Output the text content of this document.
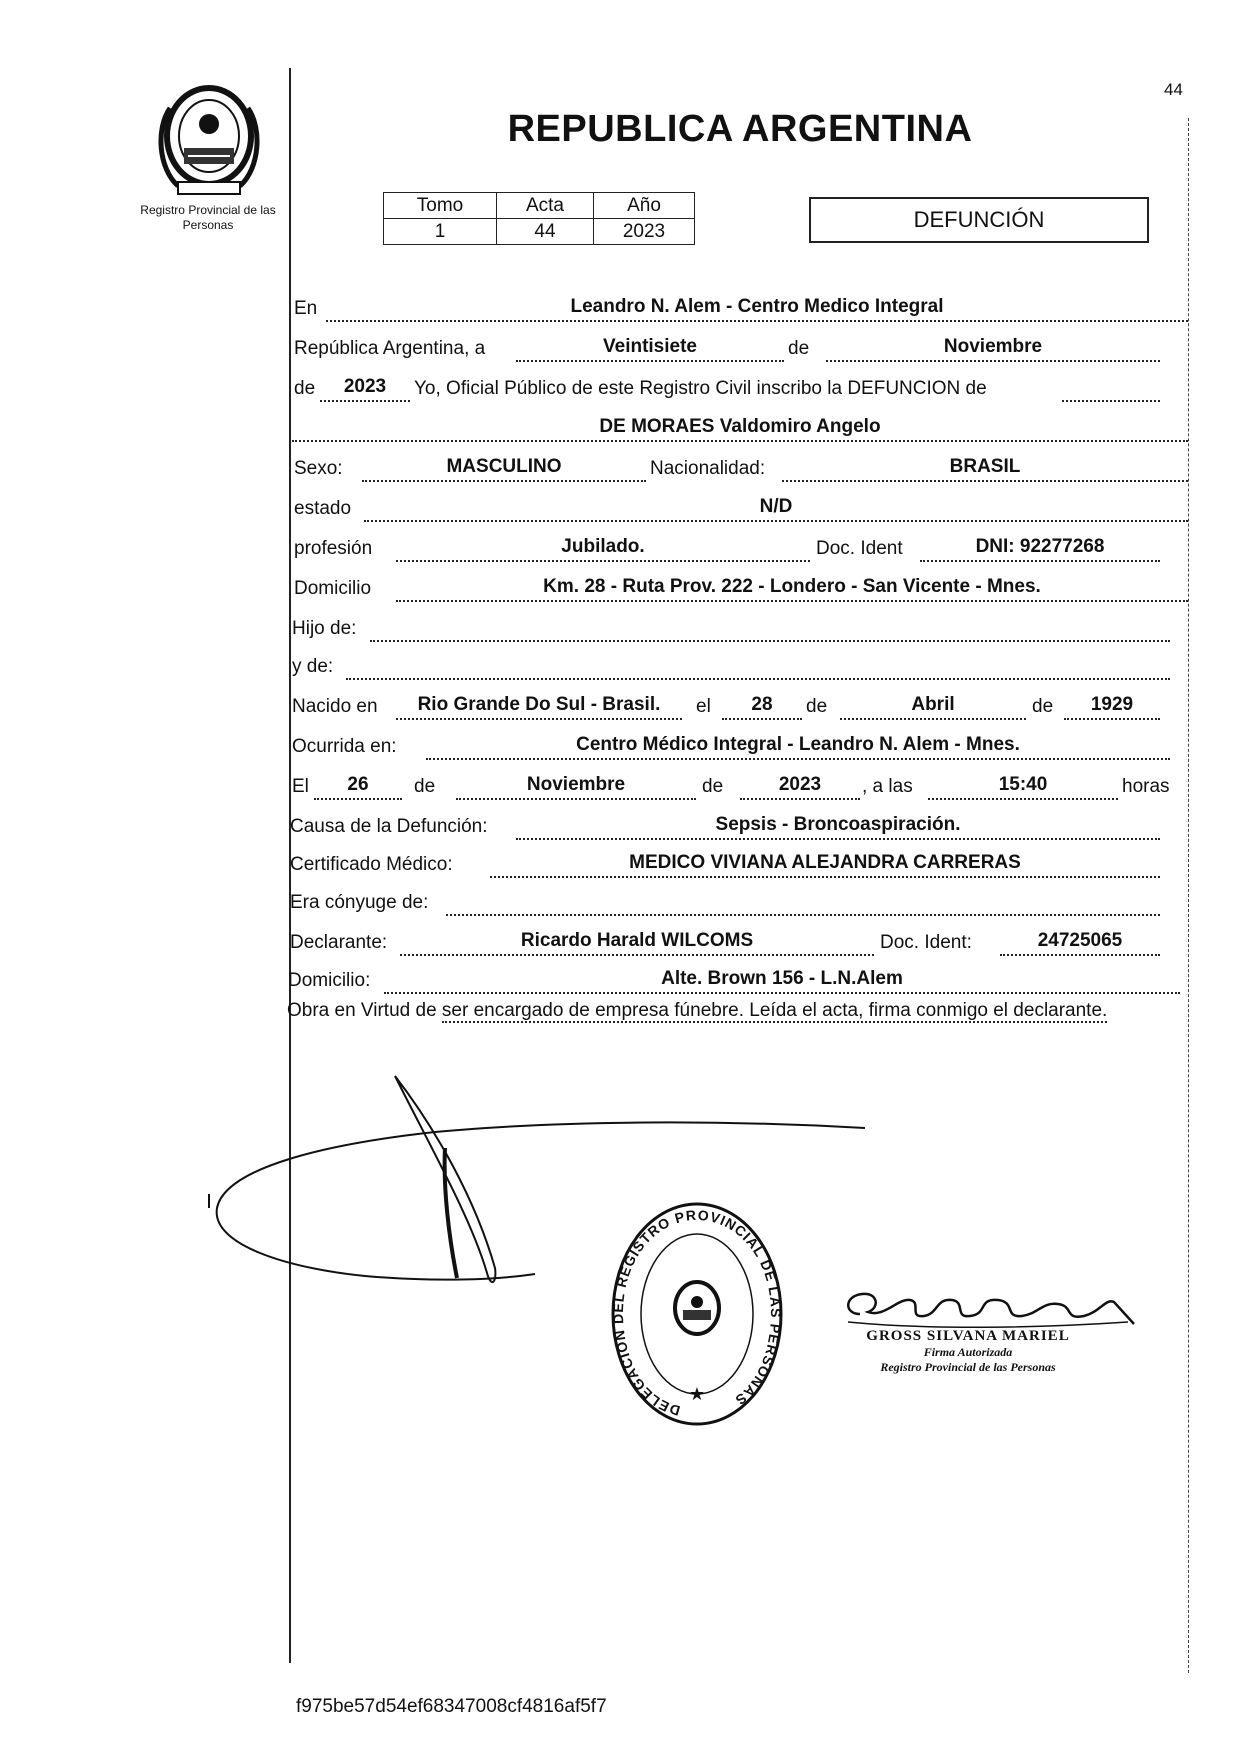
Registro Provincial de las Personas
44
REPUBLICA ARGENTINA
Tomo	Acta	Año
1	44	2023	DEFUNCIÓN
En	Leandro N. Alem - Centro Medico Integral
República Argentina, a	Veintisiete	de	Noviembre
de	2023	Yo, Oficial Público de este Registro Civil inscribo la DEFUNCION de
DE MORAES Valdomiro Angelo
Sexo:	MASCULINO	Nacionalidad:	BRASIL
estado	N/D
profesión	Jubilado.	Doc. Ident	DNI: 92277268
Domicilio	Km. 28 - Ruta Prov. 222 - Londero - San Vicente - Mnes.
Hijo de:
y de:
Nacido en	Rio Grande Do Sul - Brasil.	el	28	de	Abril	de	1929
Ocurrida en:	Centro Médico Integral - Leandro N. Alem - Mnes.
El	26	de	Noviembre	de	2023	, a las	15:40	horas
Causa de la Defunción:	Sepsis - Broncoaspiración.
Certificado Médico:	MEDICO VIVIANA ALEJANDRA CARRERAS
Era cónyuge de:
Declarante:	Ricardo Harald WILCOMS	Doc. Ident:	24725065
Domicilio:	Alte. Brown 156 - L.N.Alem
Obra en Virtud de ser encargado de empresa fúnebre. Leída el acta, firma conmigo el declarante.
DELEGACION DEL REGISTRO PROVINCIAL DE LAS PERSONAS
★
GROSS SILVANA MARIEL
Firma Autorizada
Registro Provincial de las Personas
f975be57d54ef68347008cf4816af5f7
